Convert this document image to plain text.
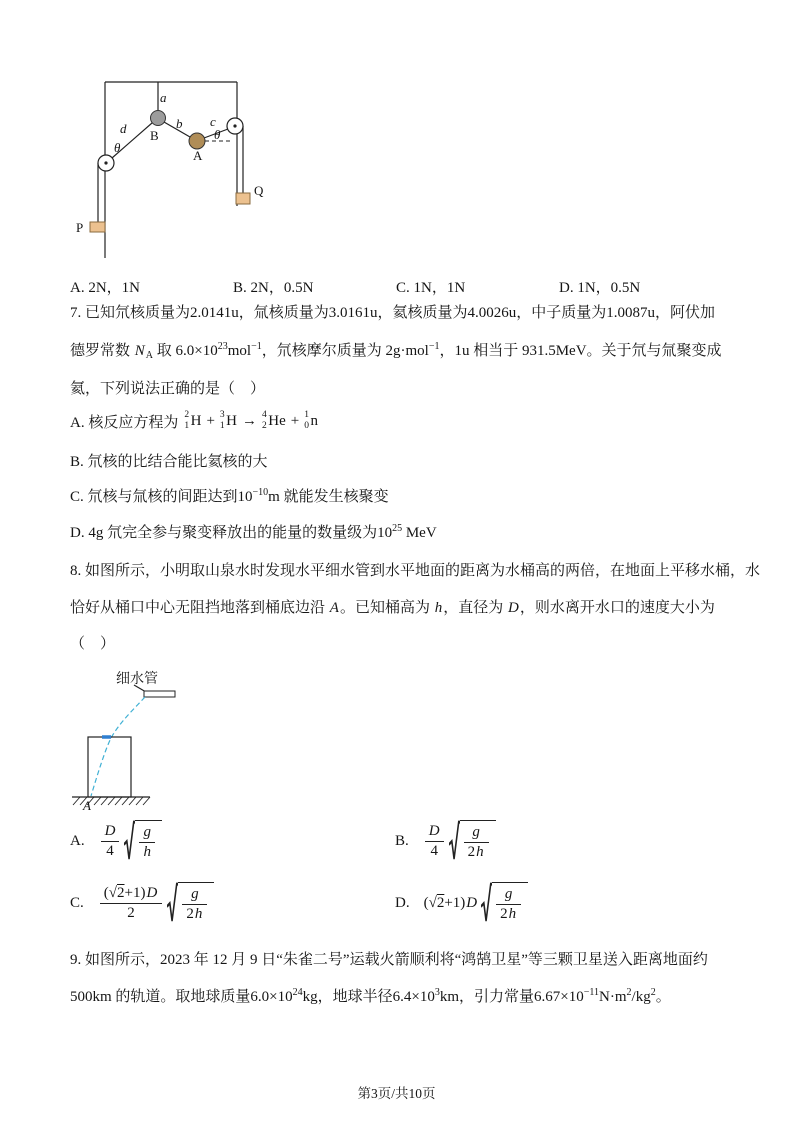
a
B
b c
A
d
θ
θ
P
Q
A. 2N，1N	B. 2N，0.5N	C. 1N，1N	D. 1N，0.5N
7. 已知氘核质量为2.0141u，氚核质量为3.0161u，氦核质量为4.0026u，中子质量为1.0087u，阿伏加
德罗常数 $N_A$ 取 $6.0\times 10^{23}mol^{-1}$，氘核摩尔质量为 2g·mol$^{-1}$，1u 相当于 931.5MeV。关于氘与氚聚变成
氦，下列说法正确的是（　）
A. 核反应方程为 2
1 H + 3
1 H → 4
2 He + 1
0 n
B. 氘核的比结合能比氦核的大
C. 氘核与氚核的间距达到$10^{-10}m$ 就能发生核聚变
D. 4g 氘完全参与聚变释放出的能量的数量级为$10^{25}$ MeV
8. 如图所示，小明取山泉水时发现水平细水管到水平地面的距离为水桶高的两倍，在地面上平移水桶，水
恰好从桶口中心无阻挡地落到桶底边沿 A。已知桶高为 h，直径为 D，则水离开水口的速度大小为
（　）
细水管
A
A. $\frac{D}{4} \frac{g}{h}$	B. $\frac{D}{4} \frac{g}{2h}$
C. $\frac{(√2+1)D}{2} \frac{g}{2h}$	D. (√ 2 +1) D $\frac{g}{2h}$
9. 如图所示，2023 年 12 月 9 日“朱雀二号”运载火箭顺利将“鸿鹄卫星”等三颗卫星送入距离地面约
500km 的轨道。取地球质量$6.0\times 10^{24}kg$，地球半径$6.4\times 10^3km$，引力常量$6.67\times 10^{-11}N\cdot m^2/kg^2$。
第3页/共10页
